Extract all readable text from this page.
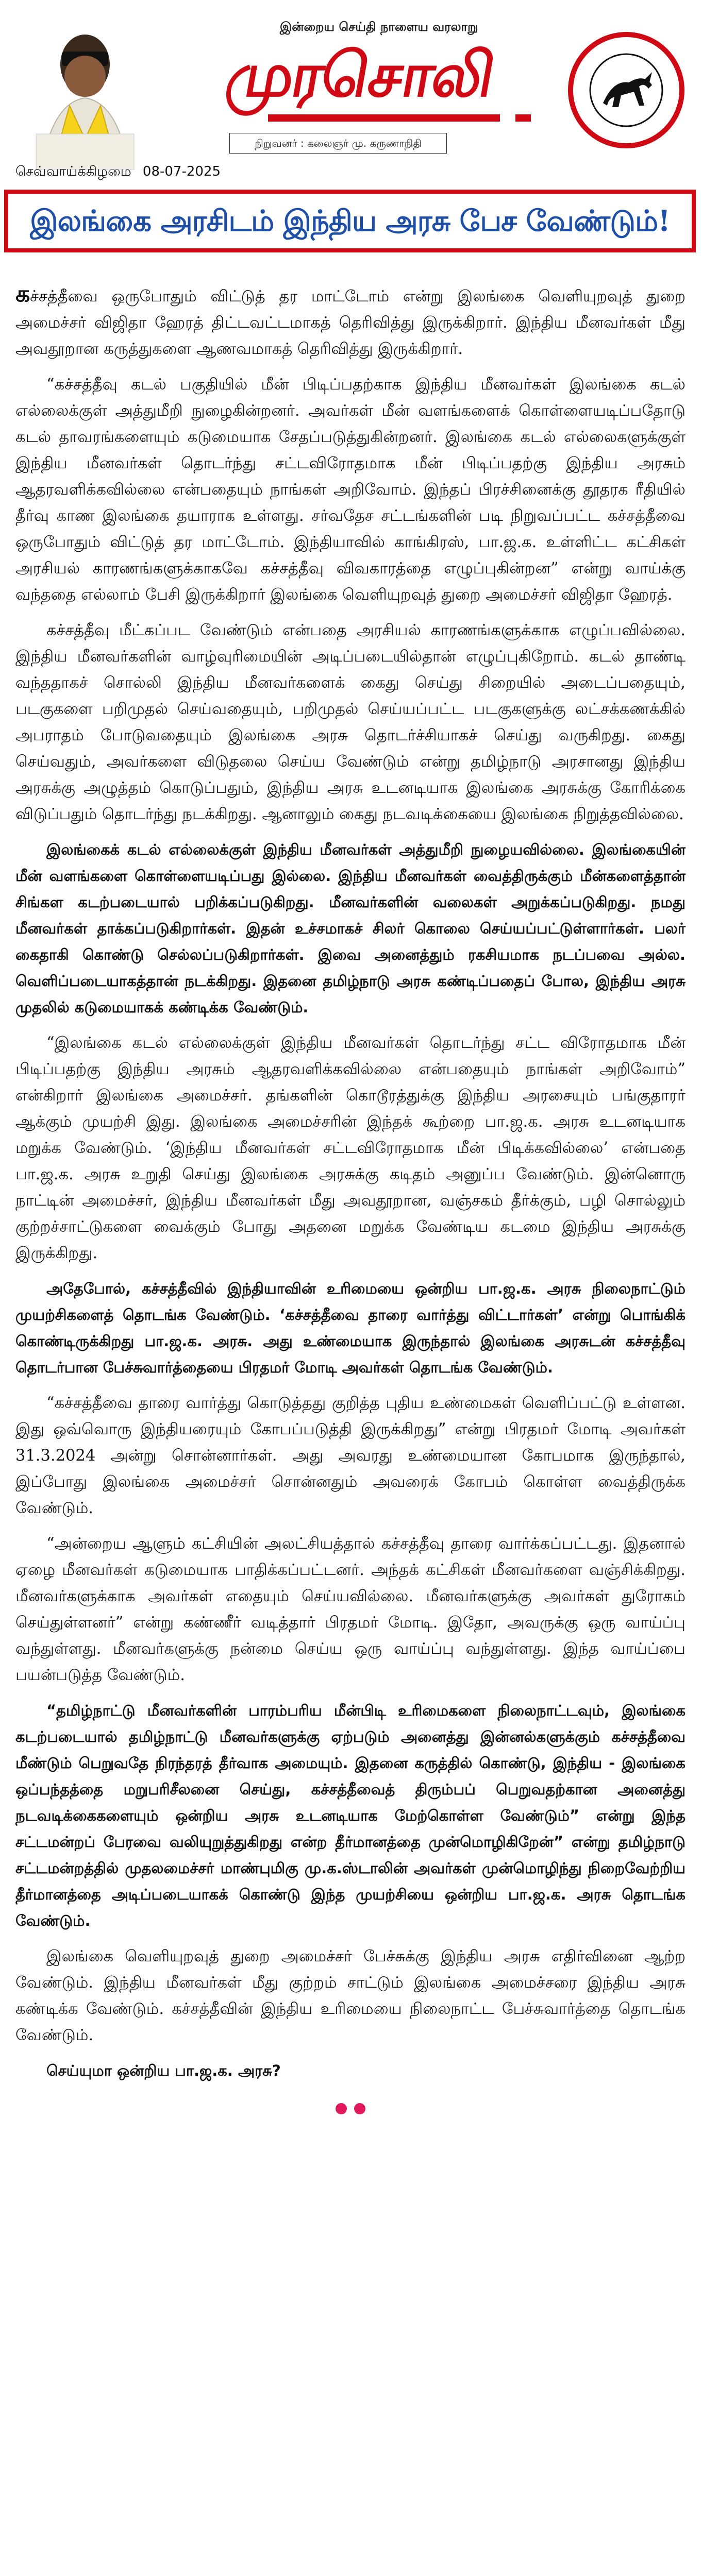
இன்றைய செய்தி நாளைய வரலாறு
முரசொலி
நிறுவனர் : கலைஞர் மு. கருணாநிதி
செவ்வாய்க்கிழமை 08-07-2025
இலங்கை அரசிடம் இந்திய அரசு பேச வேண்டும்!

கச்சத்தீவை ஒருபோதும் விட்டுத் தர மாட்டோம் என்று இலங்கை வெளியுறவுத் துறை அமைச்சர் விஜிதா ஹேரத் திட்டவட்டமாகத் தெரிவித்து இருக்கிறார். இந்திய மீனவர்கள் மீது அவதூறான கருத்துகளை ஆணவமாகத் தெரிவித்து இருக்கிறார்.

“கச்சத்தீவு கடல் பகுதியில் மீன் பிடிப்பதற்காக இந்திய மீனவர்கள் இலங்கை கடல் எல்லைக்குள் அத்துமீறி நுழைகின்றனர். அவர்கள் மீன் வளங்களைக் கொள்ளையடிப்பதோடு கடல் தாவரங்களையும் கடுமையாக சேதப்படுத்துகின்றனர். இலங்கை கடல் எல்லைகளுக்குள் இந்திய மீனவர்கள் தொடர்ந்து சட்டவிரோதமாக மீன் பிடிப்பதற்கு இந்திய அரசும் ஆதரவளிக்கவில்லை என்பதையும் நாங்கள் அறிவோம். இந்தப் பிரச்சினைக்கு தூதரக ரீதியில் தீர்வு காண இலங்கை தயாராக உள்ளது. சர்வதேச சட்டங்களின் படி நிறுவப்பட்ட கச்சத்தீவை ஒருபோதும் விட்டுத் தர மாட்டோம். இந்தியாவில் காங்கிரஸ், பா.ஜ.க. உள்ளிட்ட கட்சிகள் அரசியல் காரணங்களுக்காகவே கச்சத்தீவு விவகாரத்தை எழுப்புகின்றன” என்று வாய்க்கு வந்ததை எல்லாம் பேசி இருக்கிறார் இலங்கை வெளியுறவுத் துறை அமைச்சர் விஜிதா ஹேரத்.

கச்சத்தீவு மீட்கப்பட வேண்டும் என்பதை அரசியல் காரணங்களுக்காக எழுப்பவில்லை. இந்திய மீனவர்களின் வாழ்வுரிமையின் அடிப்படையில்தான் எழுப்புகிறோம். கடல் தாண்டி வந்ததாகச் சொல்லி இந்திய மீனவர்களைக் கைது செய்து சிறையில் அடைப்பதையும், படகுகளை பறிமுதல் செய்வதையும், பறிமுதல் செய்யப்பட்ட படகுகளுக்கு லட்சக்கணக்கில் அபராதம் போடுவதையும் இலங்கை அரசு தொடர்ச்சியாகச் செய்து வருகிறது. கைது செய்வதும், அவர்களை விடுதலை செய்ய வேண்டும் என்று தமிழ்நாடு அரசானது இந்திய அரசுக்கு அழுத்தம் கொடுப்பதும், இந்திய அரசு உடனடியாக இலங்கை அரசுக்கு கோரிக்கை விடுப்பதும் தொடர்ந்து நடக்கிறது. ஆனாலும் கைது நடவடிக்கையை இலங்கை நிறுத்தவில்லை.

இலங்கைக் கடல் எல்லைக்குள் இந்திய மீனவர்கள் அத்துமீறி நுழையவில்லை. இலங்கையின் மீன் வளங்களை கொள்ளையடிப்பது இல்லை. இந்திய மீனவர்கள் வைத்திருக்கும் மீன்களைத்தான் சிங்கள கடற்படையால் பறிக்கப்படுகிறது. மீனவர்களின் வலைகள் அறுக்கப்படுகிறது. நமது மீனவர்கள் தாக்கப்படுகிறார்கள். இதன் உச்சமாகச் சிலர் கொலை செய்யப்பட்டுள்ளார்கள். பலர் கைதாகி கொண்டு செல்லப்படுகிறார்கள். இவை அனைத்தும் ரகசியமாக நடப்பவை அல்ல. வெளிப்படையாகத்தான் நடக்கிறது. இதனை தமிழ்நாடு அரசு கண்டிப்பதைப் போல, இந்திய அரசு முதலில் கடுமையாகக் கண்டிக்க வேண்டும்.

“இலங்கை கடல் எல்லைக்குள் இந்திய மீனவர்கள் தொடர்ந்து சட்ட விரோதமாக மீன் பிடிப்பதற்கு இந்திய அரசும் ஆதரவளிக்கவில்லை என்பதையும் நாங்கள் அறிவோம்” என்கிறார் இலங்கை அமைச்சர். தங்களின் கொடூரத்துக்கு இந்திய அரசையும் பங்குதாரர் ஆக்கும் முயற்சி இது. இலங்கை அமைச்சரின் இந்தக் கூற்றை பா.ஜ.க. அரசு உடனடியாக மறுக்க வேண்டும். ‘இந்திய மீனவர்கள் சட்டவிரோதமாக மீன் பிடிக்கவில்லை’ என்பதை பா.ஜ.க. அரசு உறுதி செய்து இலங்கை அரசுக்கு கடிதம் அனுப்ப வேண்டும். இன்னொரு நாட்டின் அமைச்சர், இந்திய மீனவர்கள் மீது அவதூறான, வஞ்சகம் தீர்க்கும், பழி சொல்லும் குற்றச்சாட்டுகளை வைக்கும் போது அதனை மறுக்க வேண்டிய கடமை இந்திய அரசுக்கு இருக்கிறது.

அதேபோல், கச்சத்தீவில் இந்தியாவின் உரிமையை ஒன்றிய பா.ஜ.க. அரசு நிலைநாட்டும் முயற்சிகளைத் தொடங்க வேண்டும். ‘கச்சத்தீவை தாரை வார்த்து விட்டார்கள்’ என்று பொங்கிக் கொண்டிருக்கிறது பா.ஜ.க. அரசு. அது உண்மையாக இருந்தால் இலங்கை அரசுடன் கச்சத்தீவு தொடர்பான பேச்சுவார்த்தையை பிரதமர் மோடி அவர்கள் தொடங்க வேண்டும்.

“கச்சத்தீவை தாரை வார்த்து கொடுத்தது குறித்த புதிய உண்மைகள் வெளிப்பட்டு உள்ளன. இது ஒவ்வொரு இந்தியரையும் கோபப்படுத்தி இருக்கிறது” என்று பிரதமர் மோடி அவர்கள் 31.3.2024 அன்று சொன்னார்கள். அது அவரது உண்மையான கோபமாக இருந்தால், இப்போது இலங்கை அமைச்சர் சொன்னதும் அவரைக் கோபம் கொள்ள வைத்திருக்க வேண்டும்.

“அன்றைய ஆளும் கட்சியின் அலட்சியத்தால் கச்சத்தீவு தாரை வார்க்கப்பட்டது. இதனால் ஏழை மீனவர்கள் கடுமையாக பாதிக்கப்பட்டனர். அந்தக் கட்சிகள் மீனவர்களை வஞ்சிக்கிறது. மீனவர்களுக்காக அவர்கள் எதையும் செய்யவில்லை. மீனவர்களுக்கு அவர்கள் துரோகம் செய்துள்ளனர்” என்று கண்ணீர் வடித்தார் பிரதமர் மோடி. இதோ, அவருக்கு ஒரு வாய்ப்பு வந்துள்ளது. மீனவர்களுக்கு நன்மை செய்ய ஒரு வாய்ப்பு வந்துள்ளது. இந்த வாய்ப்பை பயன்படுத்த வேண்டும்.

“தமிழ்நாட்டு மீனவர்களின் பாரம்பரிய மீன்பிடி உரிமைகளை நிலைநாட்டவும், இலங்கை கடற்படையால் தமிழ்நாட்டு மீனவர்களுக்கு ஏற்படும் அனைத்து இன்னல்களுக்கும் கச்சத்தீவை மீண்டும் பெறுவதே நிரந்தரத் தீர்வாக அமையும். இதனை கருத்தில் கொண்டு, இந்திய - இலங்கை ஒப்பந்தத்தை மறுபரிசீலனை செய்து, கச்சத்தீவைத் திரும்பப் பெறுவதற்கான அனைத்து நடவடிக்கைகளையும் ஒன்றிய அரசு உடனடியாக மேற்கொள்ள வேண்டும்” என்று இந்த சட்டமன்றப் பேரவை வலியுறுத்துகிறது என்ற தீர்மானத்தை முன்மொழிகிறேன்” என்று தமிழ்நாடு சட்டமன்றத்தில் முதலமைச்சர் மாண்புமிகு மு.க.ஸ்டாலின் அவர்கள் முன்மொழிந்து நிறைவேற்றிய தீர்மானத்தை அடிப்படையாகக் கொண்டு இந்த முயற்சியை ஒன்றிய பா.ஜ.க. அரசு தொடங்க வேண்டும்.

இலங்கை வெளியுறவுத் துறை அமைச்சர் பேச்சுக்கு இந்திய அரசு எதிர்வினை ஆற்ற வேண்டும். இந்திய மீனவர்கள் மீது குற்றம் சாட்டும் இலங்கை அமைச்சரை இந்திய அரசு கண்டிக்க வேண்டும். கச்சத்தீவின் இந்திய உரிமையை நிலைநாட்ட பேச்சுவார்த்தை தொடங்க வேண்டும்.

செய்யுமா ஒன்றிய பா.ஜ.க. அரசு?
